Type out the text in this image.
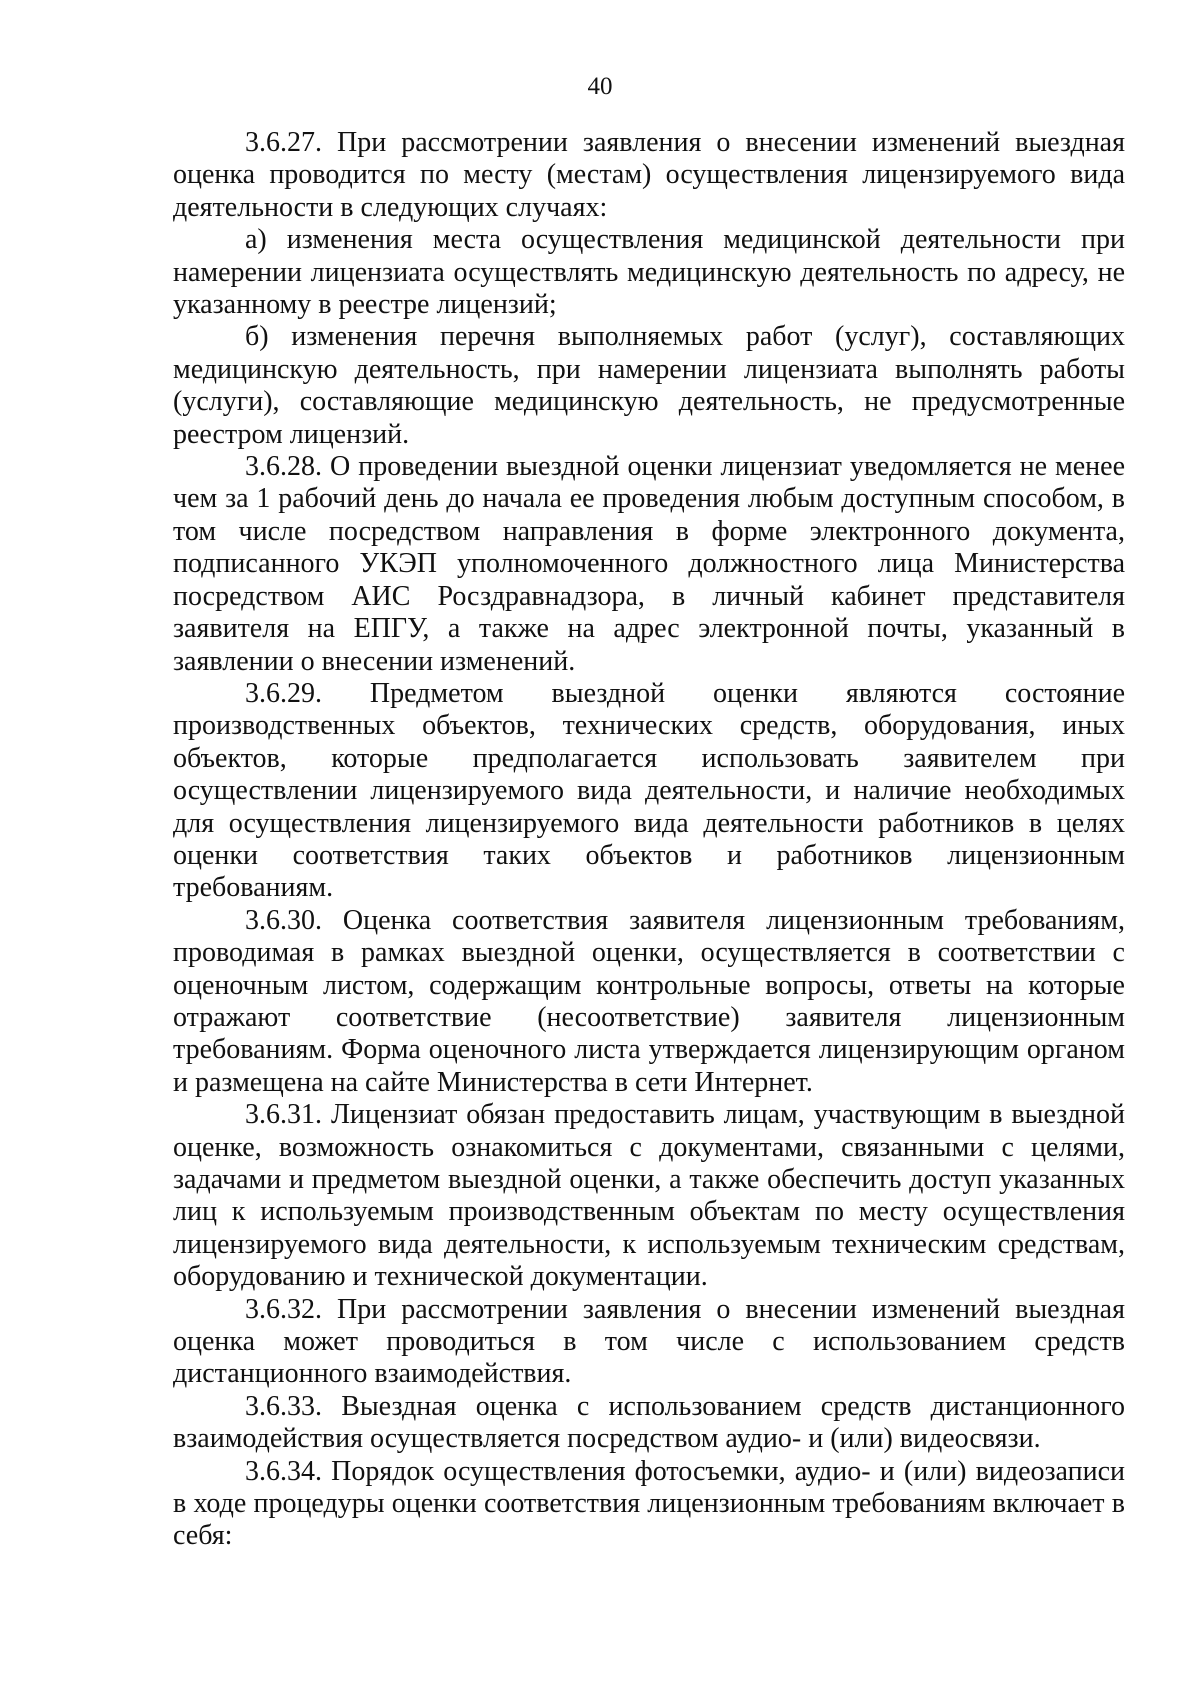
40

3.6.27. При рассмотрении заявления о внесении изменений выездная оценка проводится по месту (местам) осуществления лицензируемого вида деятельности в следующих случаях:

а) изменения места осуществления медицинской деятельности при намерении лицензиата осуществлять медицинскую деятельность по адресу, не указанному в реестре лицензий;

б) изменения перечня выполняемых работ (услуг), составляющих медицинскую деятельность, при намерении лицензиата выполнять работы (услуги), составляющие медицинскую деятельность, не предусмотренные реестром лицензий.

3.6.28. О проведении выездной оценки лицензиат уведомляется не менее чем за 1 рабочий день до начала ее проведения любым доступным способом, в том числе посредством направления в форме электронного документа, подписанного УКЭП уполномоченного должностного лица Министерства посредством АИС Росздравнадзора, в личный кабинет представителя заявителя на ЕПГУ, а также на адрес электронной почты, указанный в заявлении о внесении изменений.

3.6.29. Предметом выездной оценки являются состояние производственных объектов, технических средств, оборудования, иных объектов, которые предполагается использовать заявителем при осуществлении лицензируемого вида деятельности, и наличие необходимых для осуществления лицензируемого вида деятельности работников в целях оценки соответствия таких объектов и работников лицензионным требованиям.

3.6.30. Оценка соответствия заявителя лицензионным требованиям, проводимая в рамках выездной оценки, осуществляется в соответствии с оценочным листом, содержащим контрольные вопросы, ответы на которые отражают соответствие (несоответствие) заявителя лицензионным требованиям. Форма оценочного листа утверждается лицензирующим органом и размещена на сайте Министерства в сети Интернет.

3.6.31. Лицензиат обязан предоставить лицам, участвующим в выездной оценке, возможность ознакомиться с документами, связанными с целями, задачами и предметом выездной оценки, а также обеспечить доступ указанных лиц к используемым производственным объектам по месту осуществления лицензируемого вида деятельности, к используемым техническим средствам, оборудованию и технической документации.

3.6.32. При рассмотрении заявления о внесении изменений выездная оценка может проводиться в том числе с использованием средств дистанционного взаимодействия.

3.6.33. Выездная оценка с использованием средств дистанционного взаимодействия осуществляется посредством аудио- и (или) видеосвязи.

3.6.34. Порядок осуществления фотосъемки, аудио- и (или) видеозаписи в ходе процедуры оценки соответствия лицензионным требованиям включает в себя:
